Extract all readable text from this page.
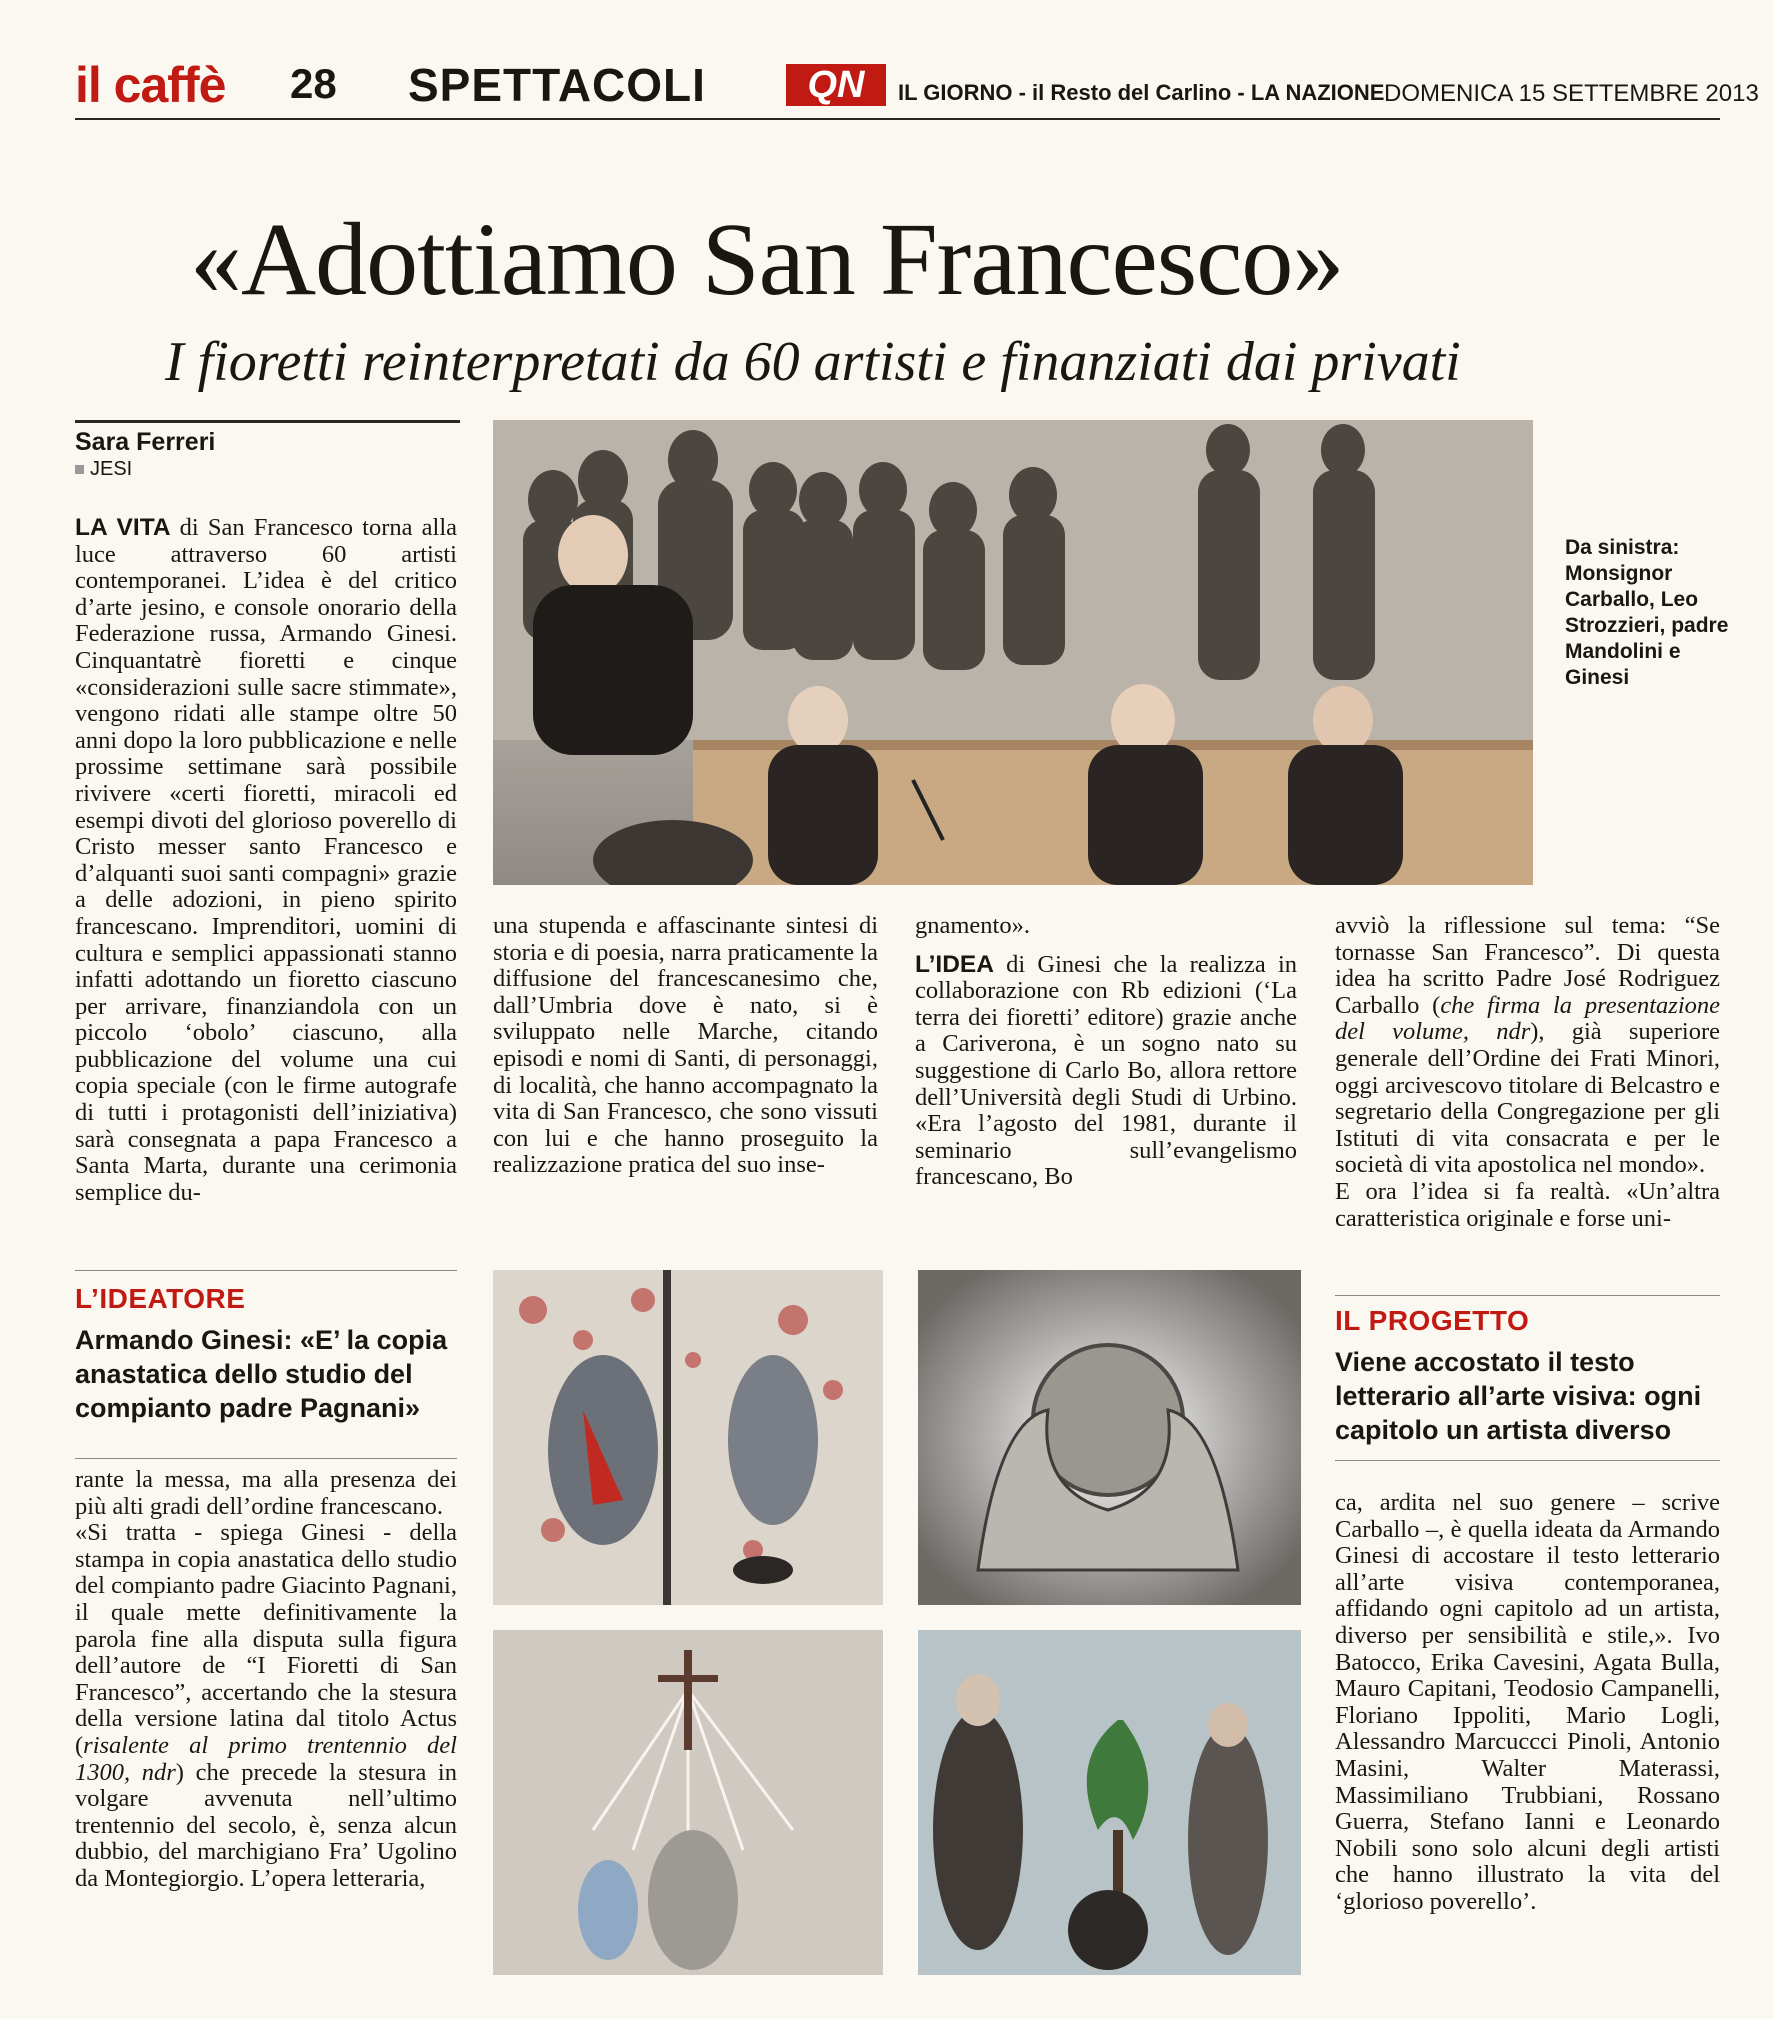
il caffè 28 SPETTACOLI	QN	IL GIORNO - il Resto del Carlino - LA NAZIONE DOMENICA 15 SETTEMBRE 2013
«Adottiamo San Francesco»
I fioretti reinterpretati da 60 artisti e finanziati dai privati
Sara Ferreri
JESI

LA VITA di San Francesco torna alla luce attraverso 60 artisti contemporanei. L’idea è del critico d’arte jesino, e console onorario della Federazione russa, Armando Ginesi. Cinquantatrè fioretti e cinque «considerazioni sulle sacre stimmate», vengono ridati alle stampe oltre 50 anni dopo la loro pubblicazione e nelle prossime settimane sarà possibile rivivere «certi fioretti, miracoli ed esempi divoti del glorioso poverello di Cristo messer santo Francesco e d’alquanti suoi santi compagni» grazie a delle adozioni, in pieno spirito francescano. Imprenditori, uomini di cultura e semplici appassionati stanno infatti adottando un fioretto ciascuno per arrivare, finanziandola con un piccolo ‘obolo’ ciascuno, alla pubblicazione del volume una cui copia speciale (con le firme autografe di tutti i protagonisti dell’iniziativa) sarà consegnata a papa Francesco a Santa Marta, durante una cerimonia semplice du-

Da sinistra: Monsignor Carballo, Leo Strozzieri, padre Mandolini e Ginesi

una stupenda e affascinante sintesi di storia e di poesia, narra praticamente la diffusione del francescanesimo che, dall’Umbria dove è nato, si è sviluppato nelle Marche, citando episodi e nomi di Santi, di personaggi, di località, che hanno accompagnato la vita di San Francesco, che sono vissuti con lui e che hanno proseguito la realizzazione pratica del suo inse-

gnamento».

L’IDEA di Ginesi che la realizza in collaborazione con Rb edizioni (‘La terra dei fioretti’ editore) grazie anche a Cariverona, è un sogno nato su suggestione di Carlo Bo, allora rettore dell’Università degli Studi di Urbino. «Era l’agosto del 1981, durante il seminario sull’evangelismo francescano, Bo

avviò la riflessione sul tema: “Se tornasse San Francesco”. Di questa idea ha scritto Padre José Rodriguez Carballo (che firma la presentazione del volume, ndr), già superiore generale dell’Ordine dei Frati Minori, oggi arcivescovo titolare di Belcastro e segretario della Congregazione per gli Istituti di vita consacrata e per le società di vita apostolica nel mondo».

E ora l’idea si fa realtà. «Un’altra caratteristica originale e forse uni-

L’IDEATORE
Armando Ginesi: «E’ la copia anastatica dello studio del compianto padre Pagnani»

rante la messa, ma alla presenza dei più alti gradi dell’ordine francescano.

«Si tratta - spiega Ginesi - della stampa in copia anastatica dello studio del compianto padre Giacinto Pagnani, il quale mette definitivamente la parola fine alla disputa sulla figura dell’autore de “I Fioretti di San Francesco”, accertando che la stesura della versione latina dal titolo Actus (risalente al primo trentennio del 1300, ndr) che precede la stesura in volgare avvenuta nell’ultimo trentennio del secolo, è, senza alcun dubbio, del marchigiano Fra’ Ugolino da Montegiorgio. L’opera letteraria,

IL PROGETTO
Viene accostato il testo letterario all’arte visiva: ogni capitolo un artista diverso

ca, ardita nel suo genere – scrive Carballo –, è quella ideata da Armando Ginesi di accostare il testo letterario all’arte visiva contemporanea, affidando ogni capitolo ad un artista, diverso per sensibilità e stile,». Ivo Batocco, Erika Cavesini, Agata Bulla, Mauro Capitani, Teodosio Campanelli, Floriano Ippoliti, Mario Logli, Alessandro Marcuccci Pinoli, Antonio Masini, Walter Materassi, Massimiliano Trubbiani, Rossano Guerra, Stefano Ianni e Leonardo Nobili sono solo alcuni degli artisti che hanno illustrato la vita del ‘glorioso poverello’.
